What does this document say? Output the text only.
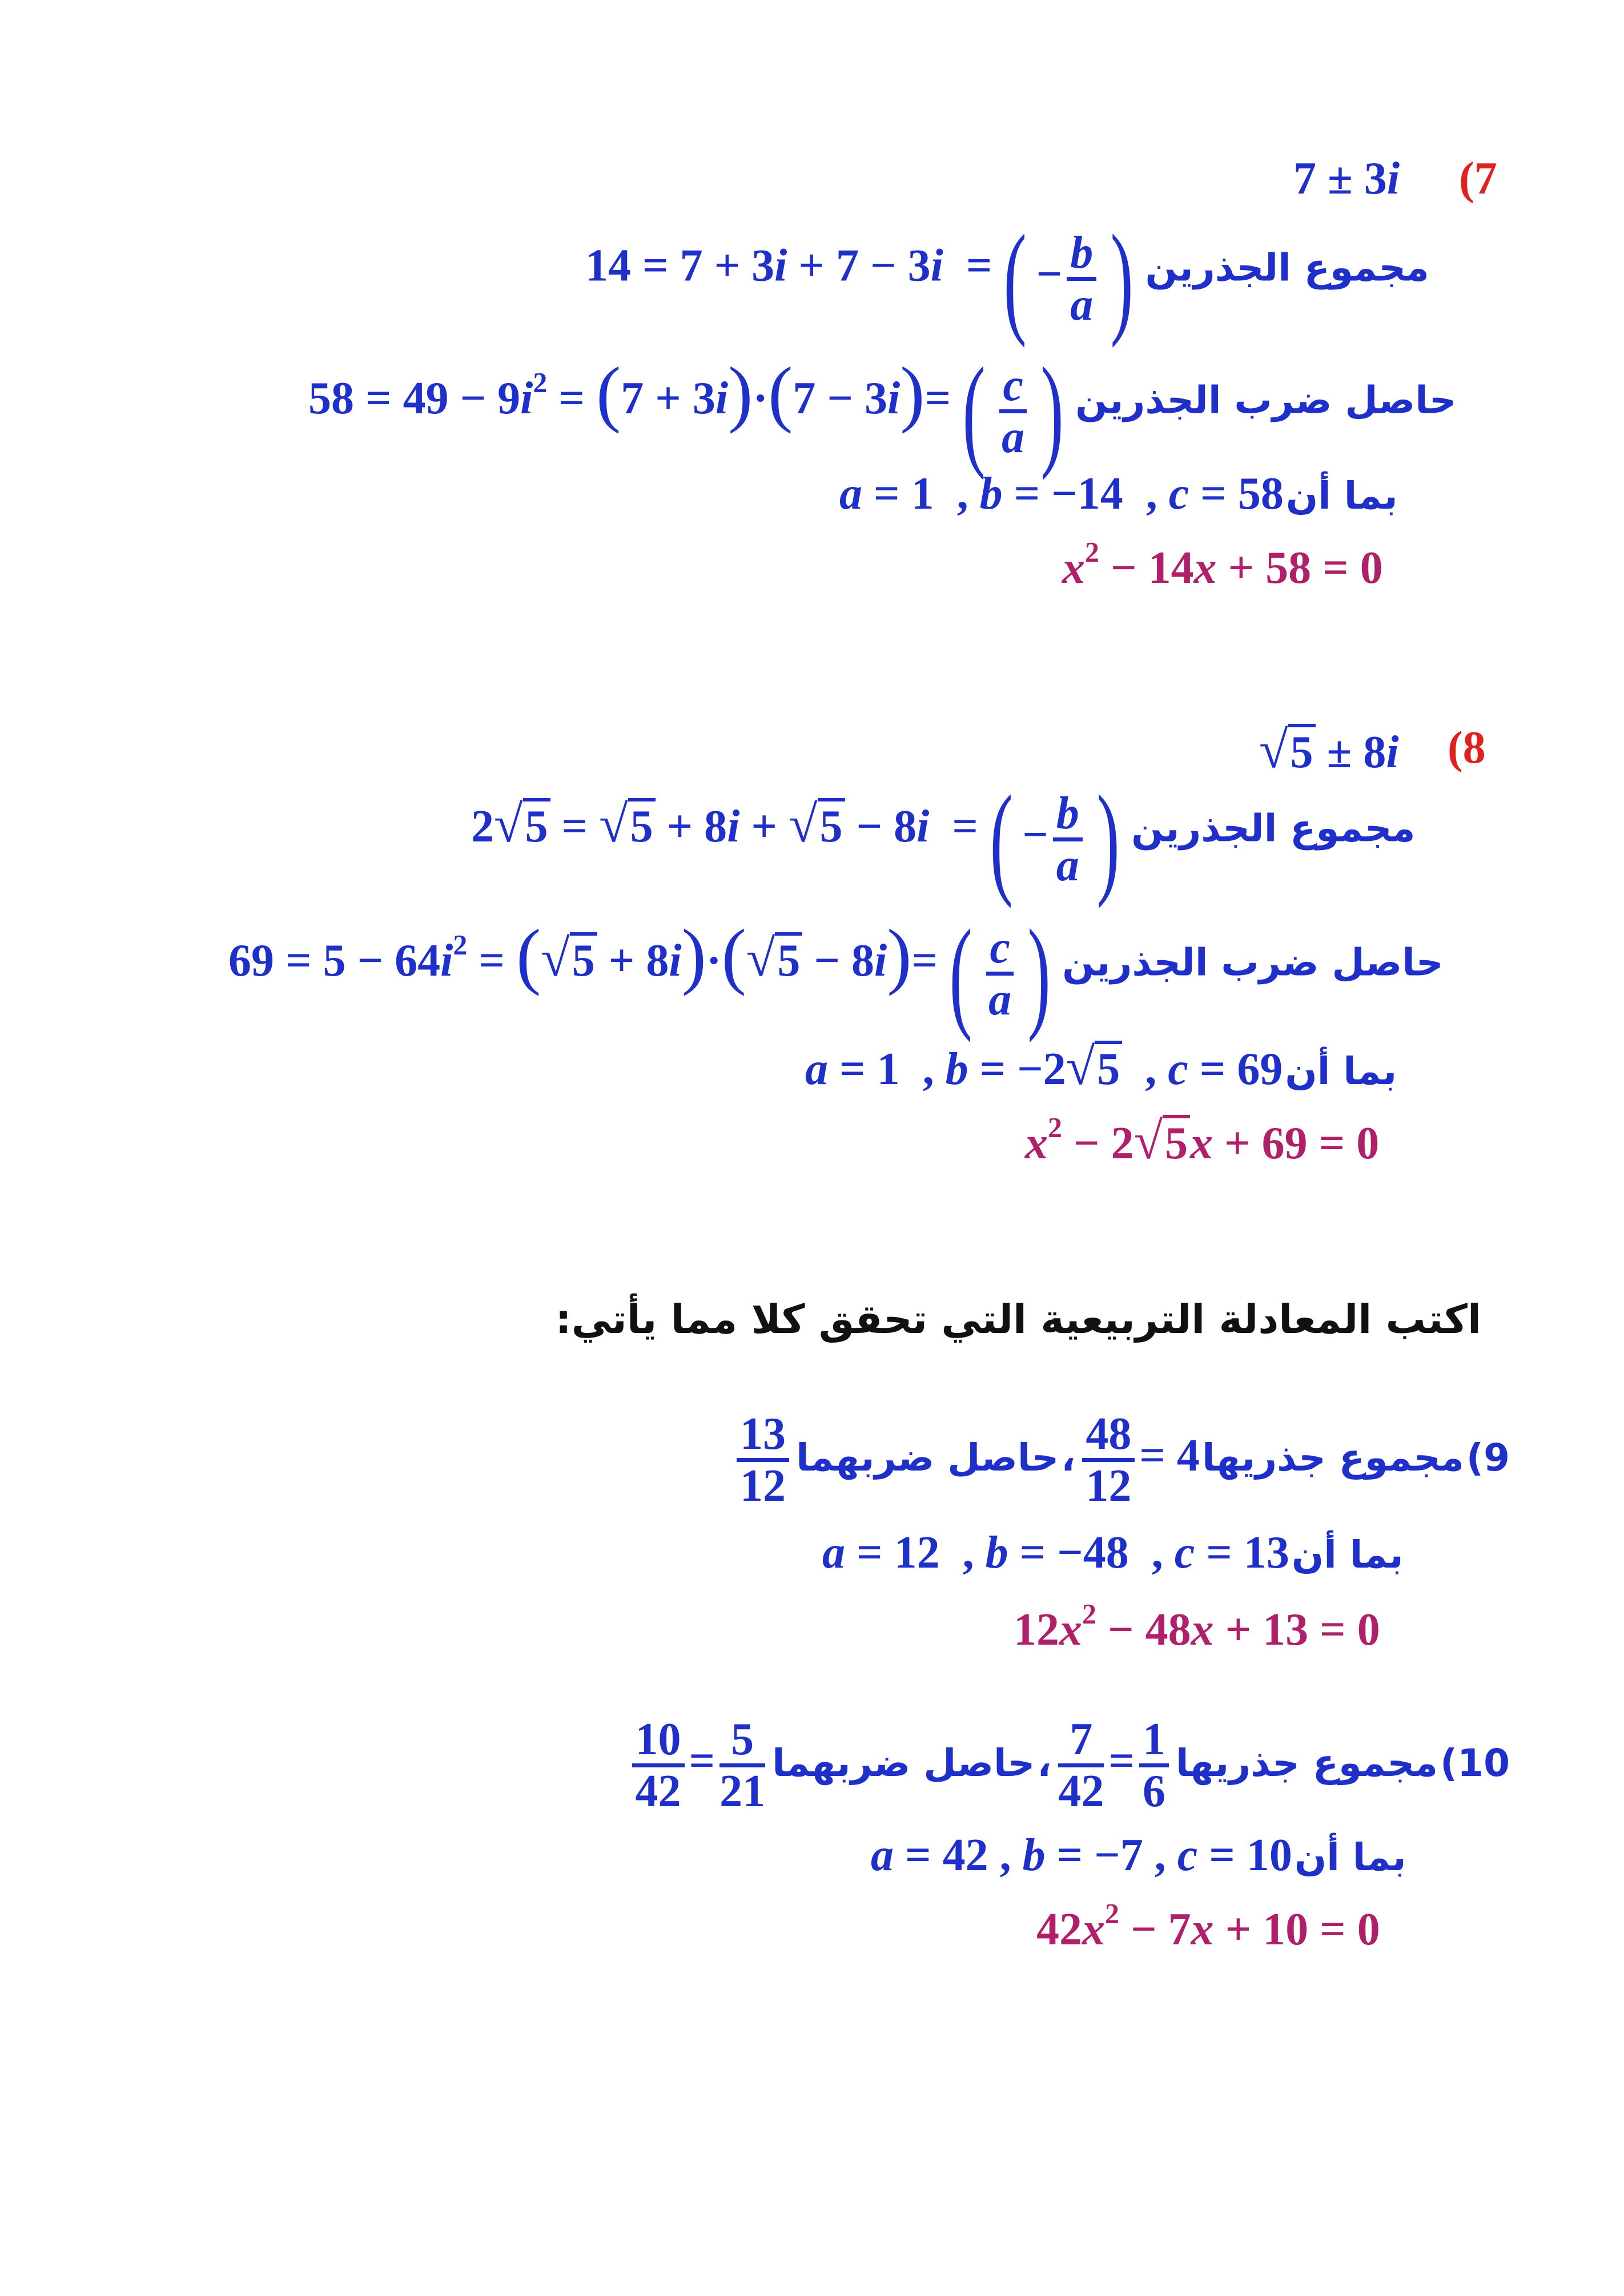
(7
7 ± 3i
14 = 7 + 3i + 7 − 3i  = ( − $\frac{b}{a}$ ) مجموع الجذرين
$58 = 49 - 9i^2 = (7 + 3i)\cdot(7 - 3i)=$ ( $\frac{c}{a}$ ) حاصل ضرب الجذرين
a = 1  , b = −14  , c = 58 بما أن
$x^2 - 14x + 58 = 0$
(8
√5 ± 8i
2√5 = √5 + 8i + √5 − 8i  = ( − $\frac{b}{a}$ ) مجموع الجذرين
$69 = 5 - 64i^2 = (√5 + 8i)\cdot(√5 - 8i)=$ ( $\frac{c}{a}$ ) حاصل ضرب الجذرين
a = 1  , b = −2√5  , c = 69 بما أن
$x^2 - 2√5x + 69 = 0$
اكتب المعادلة التربيعية التي تحقق كلا مما يأتي:
9) مجموع جذريها
$\frac{48}{12} = 4$ ، حاصل ضربهما
$\frac{13}{12}$
a = 12  , b = −48  , c = 13 بما أن
$12x^2 - 48x + 13 = 0$
10) مجموع جذريها
$\frac{7}{42} = \frac{1}{6}$
، حاصل ضربهما
$\frac{10}{42} = \frac{5}{21}$
a = 42 , b = −7 , c = 10 بما أن
$42x^2 - 7x + 10 = 0$
